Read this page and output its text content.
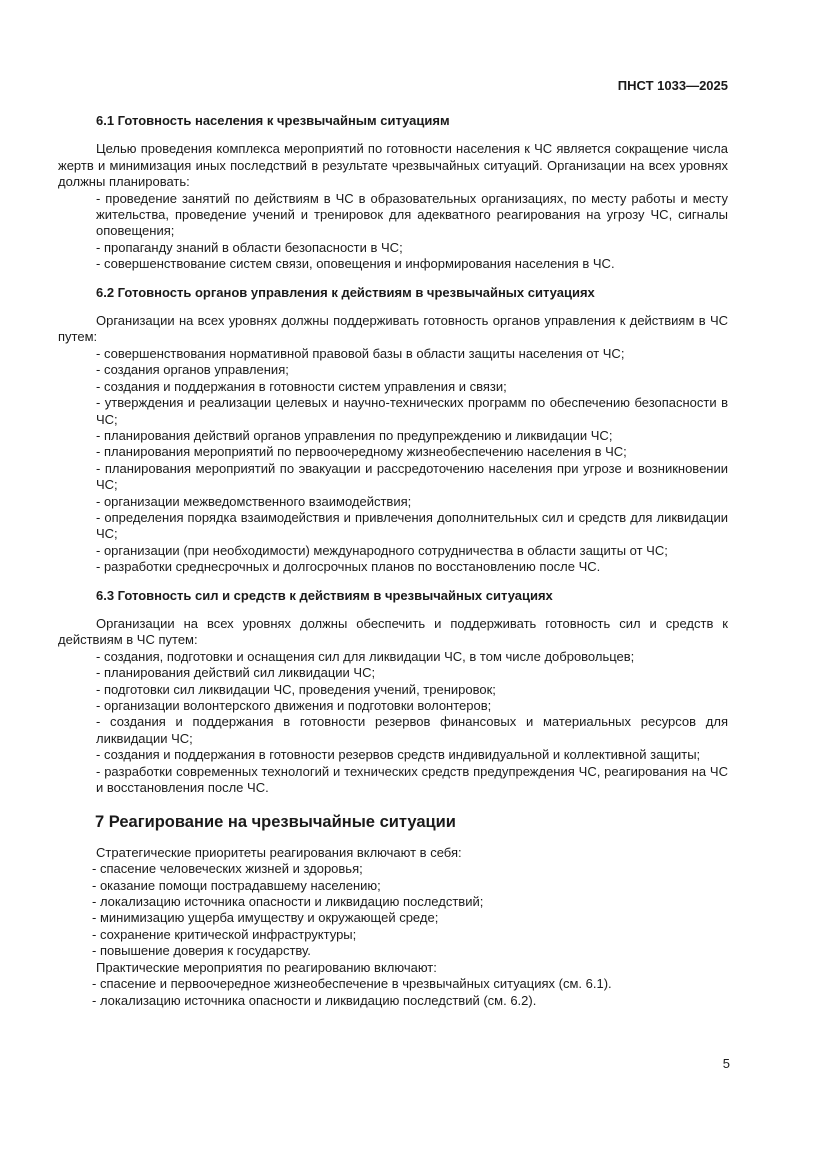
ПНСТ 1033—2025

6.1 Готовность населения к чрезвычайным ситуациям

Целью проведения комплекса мероприятий по готовности населения к ЧС является сокращение числа жертв и минимизация иных последствий в результате чрезвычайных ситуаций. Организации на всех уровнях должны планировать:

- проведение занятий по действиям в ЧС в образовательных организациях, по месту работы и месту жительства, проведение учений и тренировок для адекватного реагирования на угрозу ЧС, сигналы оповещения;

- пропаганду знаний в области безопасности в ЧС;

- совершенствование систем связи, оповещения и информирования населения в ЧС.

6.2 Готовность органов управления к действиям в чрезвычайных ситуациях

Организации на всех уровнях должны поддерживать готовность органов управления к действиям в ЧС путем:

- совершенствования нормативной правовой базы в области защиты населения от ЧС;

- создания органов управления;

- создания и поддержания в готовности систем управления и связи;

- утверждения и реализации целевых и научно-технических программ по обеспечению безопасности в ЧС;

- планирования действий органов управления по предупреждению и ликвидации ЧС;

- планирования мероприятий по первоочередному жизнеобеспечению населения в ЧС;

- планирования мероприятий по эвакуации и рассредоточению населения при угрозе и возникновении ЧС;

- организации межведомственного взаимодействия;

- определения порядка взаимодействия и привлечения дополнительных сил и средств для ликвидации ЧС;

- организации (при необходимости) международного сотрудничества в области защиты от ЧС;

- разработки среднесрочных и долгосрочных планов по восстановлению после ЧС.

6.3 Готовность сил и средств к действиям в чрезвычайных ситуациях

Организации на всех уровнях должны обеспечить и поддерживать готовность сил и средств к действиям в ЧС путем:

- создания, подготовки и оснащения сил для ликвидации ЧС, в том числе добровольцев;

- планирования действий сил ликвидации ЧС;

- подготовки сил ликвидации ЧС, проведения учений, тренировок;

- организации волонтерского движения и подготовки волонтеров;

- создания и поддержания в готовности резервов финансовых и материальных ресурсов для ликвидации ЧС;

- создания и поддержания в готовности резервов средств индивидуальной и коллективной защиты;

- разработки современных технологий и технических средств предупреждения ЧС, реагирования на ЧС и восстановления после ЧС.

7 Реагирование на чрезвычайные ситуации

Стратегические приоритеты реагирования включают в себя:

- спасение человеческих жизней и здоровья;

- оказание помощи пострадавшему населению;

- локализацию источника опасности и ликвидацию последствий;

- минимизацию ущерба имуществу и окружающей среде;

- сохранение критической инфраструктуры;

- повышение доверия к государству.

Практические мероприятия по реагированию включают:

- спасение и первоочередное жизнеобеспечение в чрезвычайных ситуациях (см. 6.1).

- локализацию источника опасности и ликвидацию последствий (см. 6.2).

5
